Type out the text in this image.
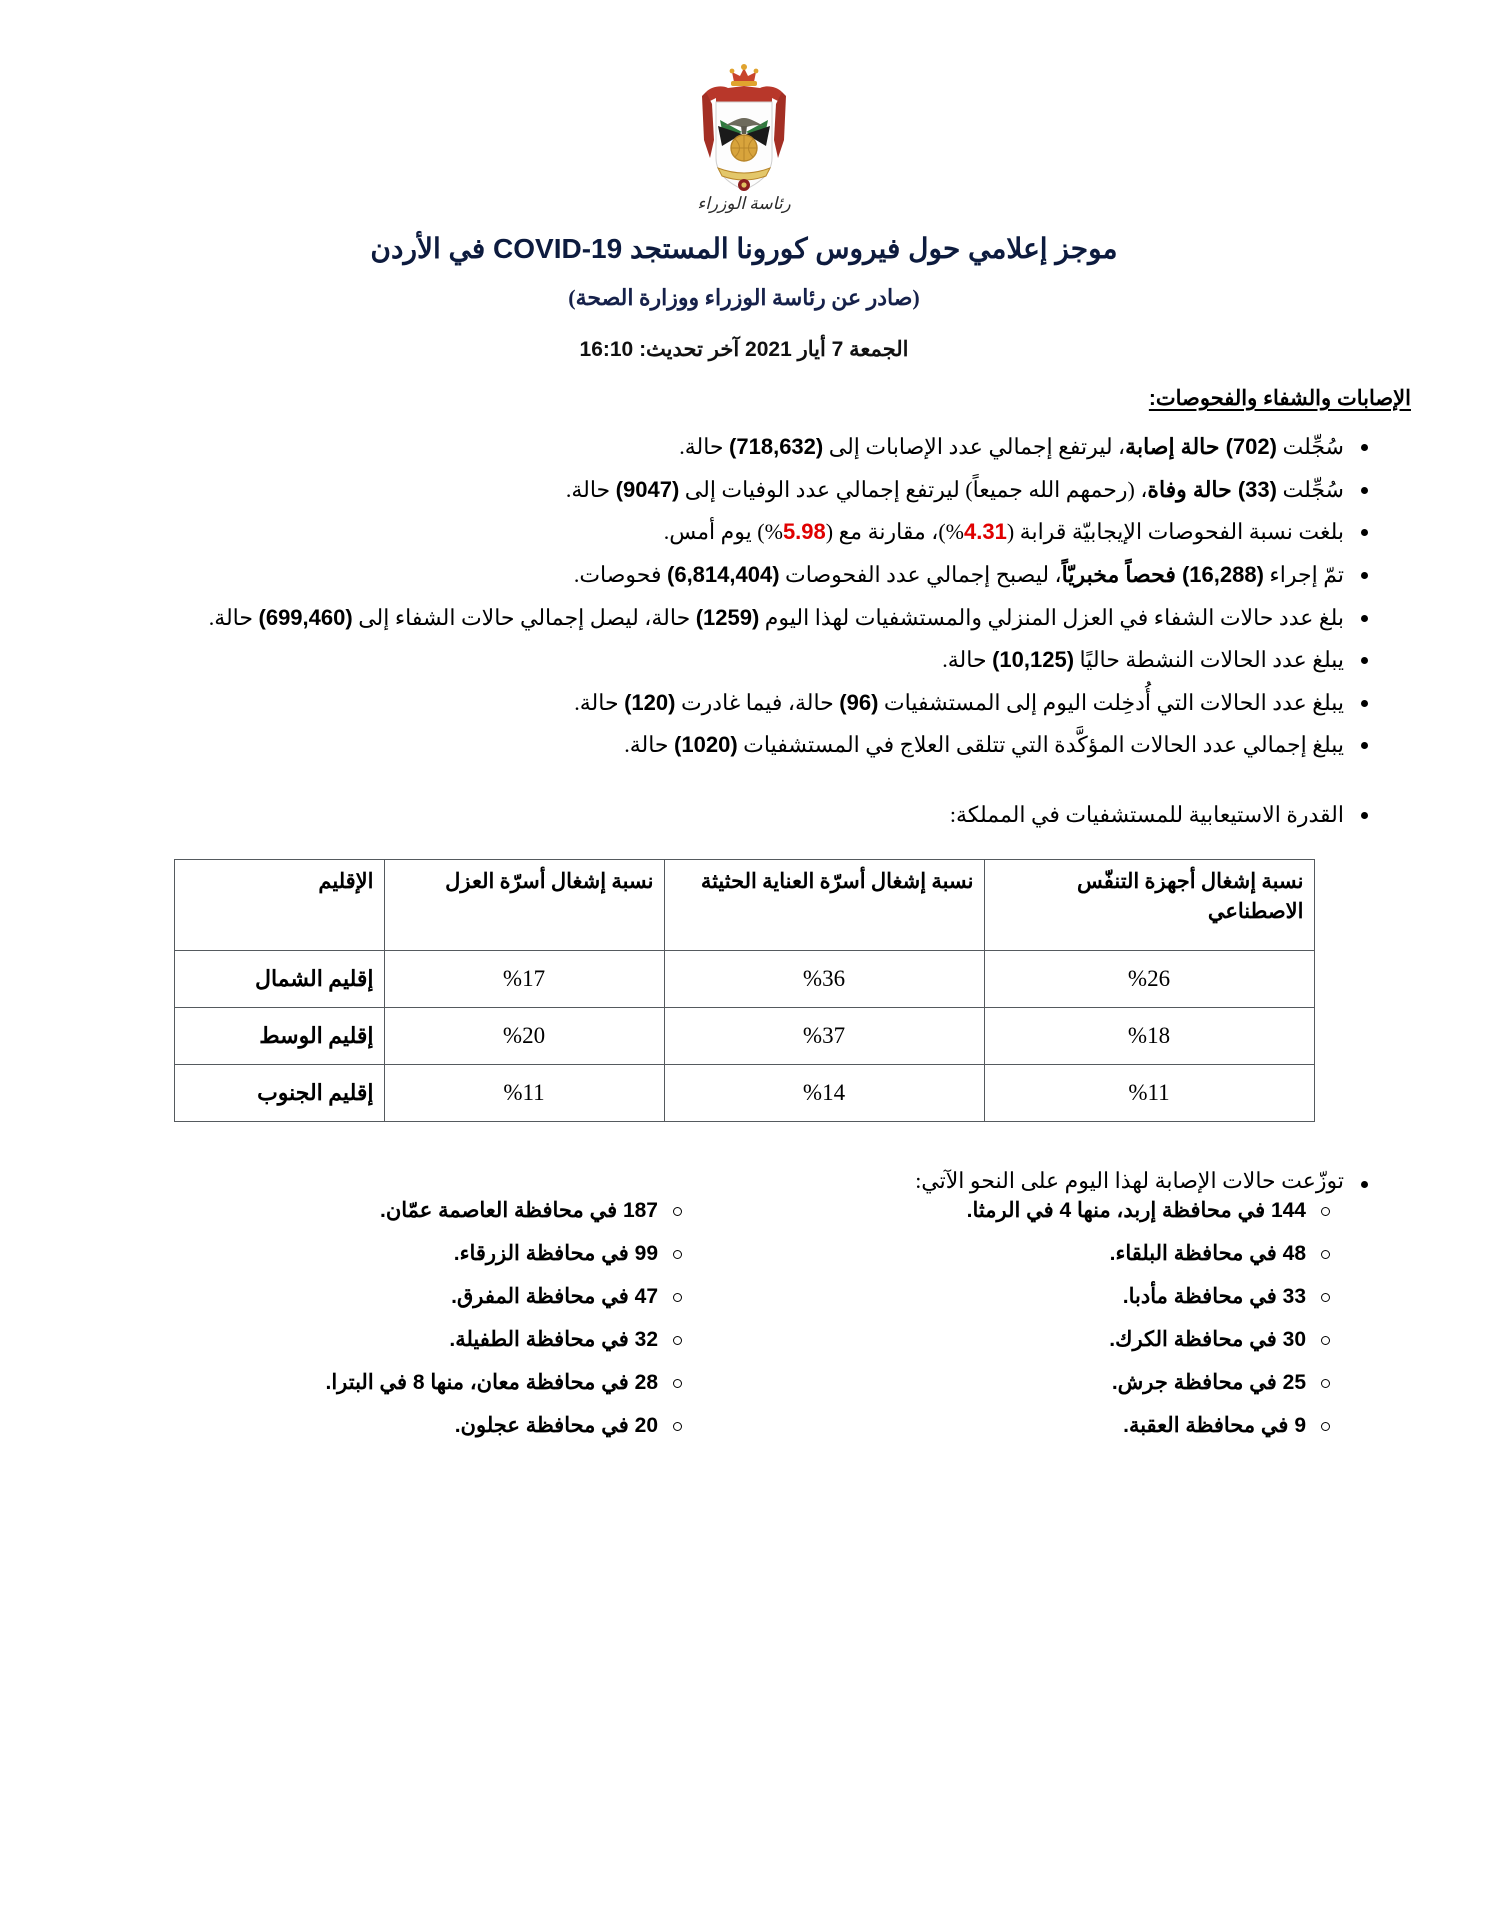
رئاسة الوزراء
موجز إعلامي حول فيروس كورونا المستجد COVID-19 في الأردن
(صادر عن رئاسة الوزراء ووزارة الصحة)
الجمعة 7 أيار 2021 آخر تحديث: 16:10
الإصابات والشفاء والفحوصات:
سُجِّلت (702) حالة إصابة، ليرتفع إجمالي عدد الإصابات إلى (718,632) حالة.
سُجِّلت (33) حالة وفاة، (رحمهم الله جميعاً) ليرتفع إجمالي عدد الوفيات إلى (9047) حالة.
بلغت نسبة الفحوصات الإيجابيّة قرابة (4.31%)، مقارنة مع (5.98%) يوم أمس.
تمّ إجراء (16,288) فحصاً مخبريّاً، ليصبح إجمالي عدد الفحوصات (6,814,404) فحوصات.
بلغ عدد حالات الشفاء في العزل المنزلي والمستشفيات لهذا اليوم (1259) حالة، ليصل إجمالي حالات الشفاء إلى (699,460) حالة.
يبلغ عدد الحالات النشطة حاليًا (10,125) حالة.
يبلغ عدد الحالات التي أُدخِلت اليوم إلى المستشفيات (96) حالة، فيما غادرت (120) حالة.
يبلغ إجمالي عدد الحالات المؤكَّدة التي تتلقى العلاج في المستشفيات (1020) حالة.
القدرة الاستيعابية للمستشفيات في المملكة:
نسبة إشغال أجهزة التنفّس الاصطناعي	نسبة إشغال أسرّة العناية الحثيثة	نسبة إشغال أسرّة العزل	الإقليم
%26	%36	%17	إقليم الشمال
%18	%37	%20	إقليم الوسط
%11	%14	%11	إقليم الجنوب
توزّعت حالات الإصابة لهذا اليوم على النحو الآتي:
144 في محافظة إربد، منها 4 في الرمثا.
48 في محافظة البلقاء.
33 في محافظة مأدبا.
30 في محافظة الكرك.
25 في محافظة جرش.
9 في محافظة العقبة.
187 في محافظة العاصمة عمّان.
99 في محافظة الزرقاء.
47 في محافظة المفرق.
32 في محافظة الطفيلة.
28 في محافظة معان، منها 8 في البترا.
20 في محافظة عجلون.
